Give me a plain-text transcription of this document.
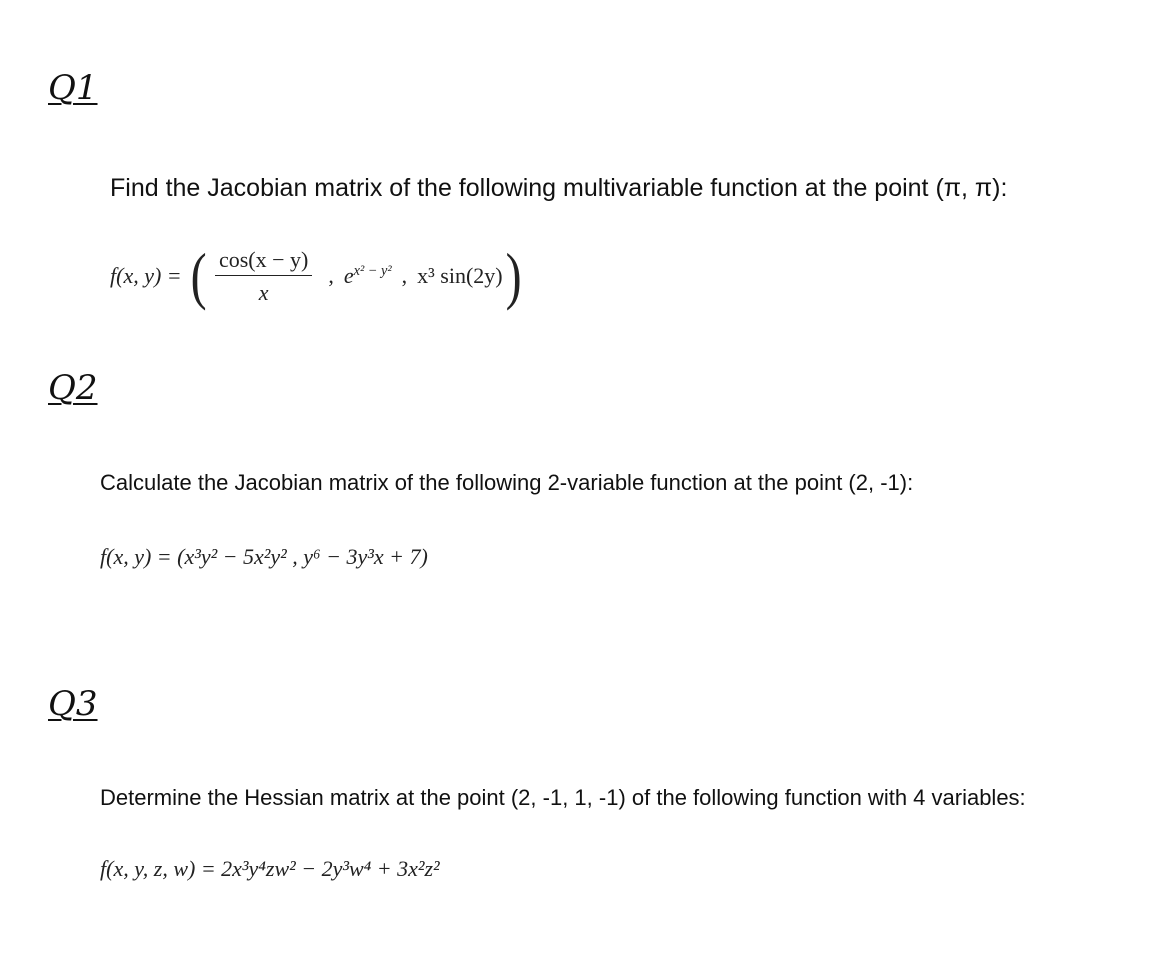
Q1
Find the Jacobian matrix of the following multivariable function at the point (π, π):
f(x, y) = ( $\frac{\cos(x - y)}{x}$ , $e^{x^2 - y^2}$ , x³ sin(2y) )
Q2
Calculate the Jacobian matrix of the following 2-variable function at the point (2, -1):
f(x, y) = (x³y² − 5x²y² , y⁶ − 3y³x + 7)
Q3
Determine the Hessian matrix at the point (2, -1, 1, -1) of the following function with 4 variables:
f(x, y, z, w) = 2x³y⁴zw² − 2y³w⁴ + 3x²z²
